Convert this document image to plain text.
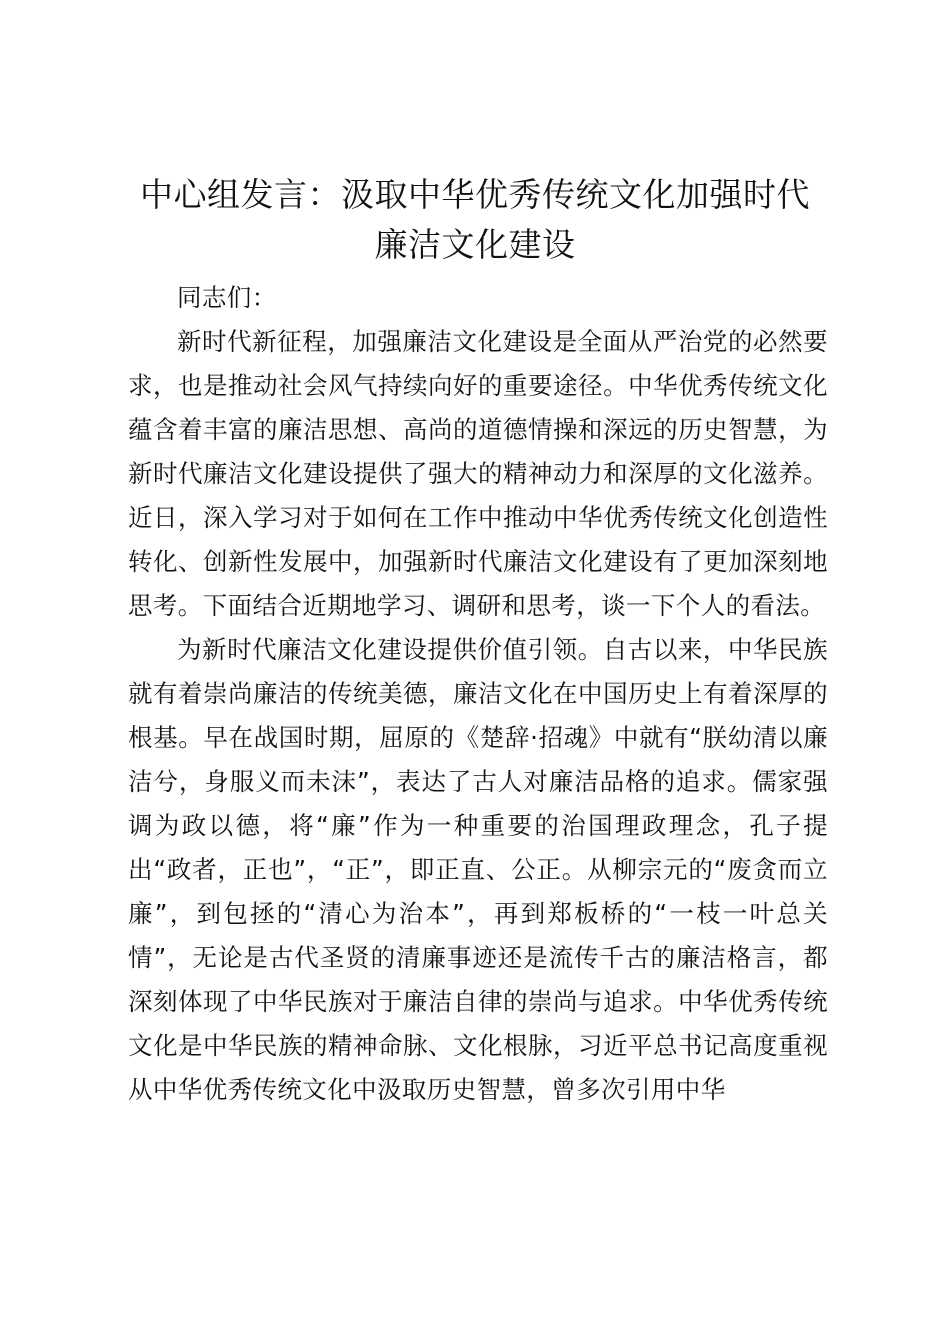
中心组发言：汲取中华优秀传统文化加强时代
廉洁文化建设

同志们：

新时代新征程，加强廉洁文化建设是全面从严治党的必然要求，也是推动社会风气持续向好的重要途径。中华优秀传统文化蕴含着丰富的廉洁思想、高尚的道德情操和深远的历史智慧，为新时代廉洁文化建设提供了强大的精神动力和深厚的文化滋养。近日，深入学习对于如何在工作中推动中华优秀传统文化创造性转化、创新性发展中，加强新时代廉洁文化建设有了更加深刻地思考。下面结合近期地学习、调研和思考，谈一下个人的看法。

为新时代廉洁文化建设提供价值引领。自古以来，中华民族就有着崇尚廉洁的传统美德，廉洁文化在中国历史上有着深厚的根基。早在战国时期，屈原的《楚辞·招魂》中就有“朕幼清以廉洁兮，身服义而未沫”，表达了古人对廉洁品格的追求。儒家强调为政以德，将“廉”作为一种重要的治国理政理念，孔子提出“政者，正也”，“正”，即正直、公正。从柳宗元的“废贪而立廉”，到包拯的“清心为治本”，再到郑板桥的“一枝一叶总关情”，无论是古代圣贤的清廉事迹还是流传千古的廉洁格言，都深刻体现了中华民族对于廉洁自律的崇尚与追求。中华优秀传统文化是中华民族的精神命脉、文化根脉，习近平总书记高度重视从中华优秀传统文化中汲取历史智慧，曾多次引用中华
